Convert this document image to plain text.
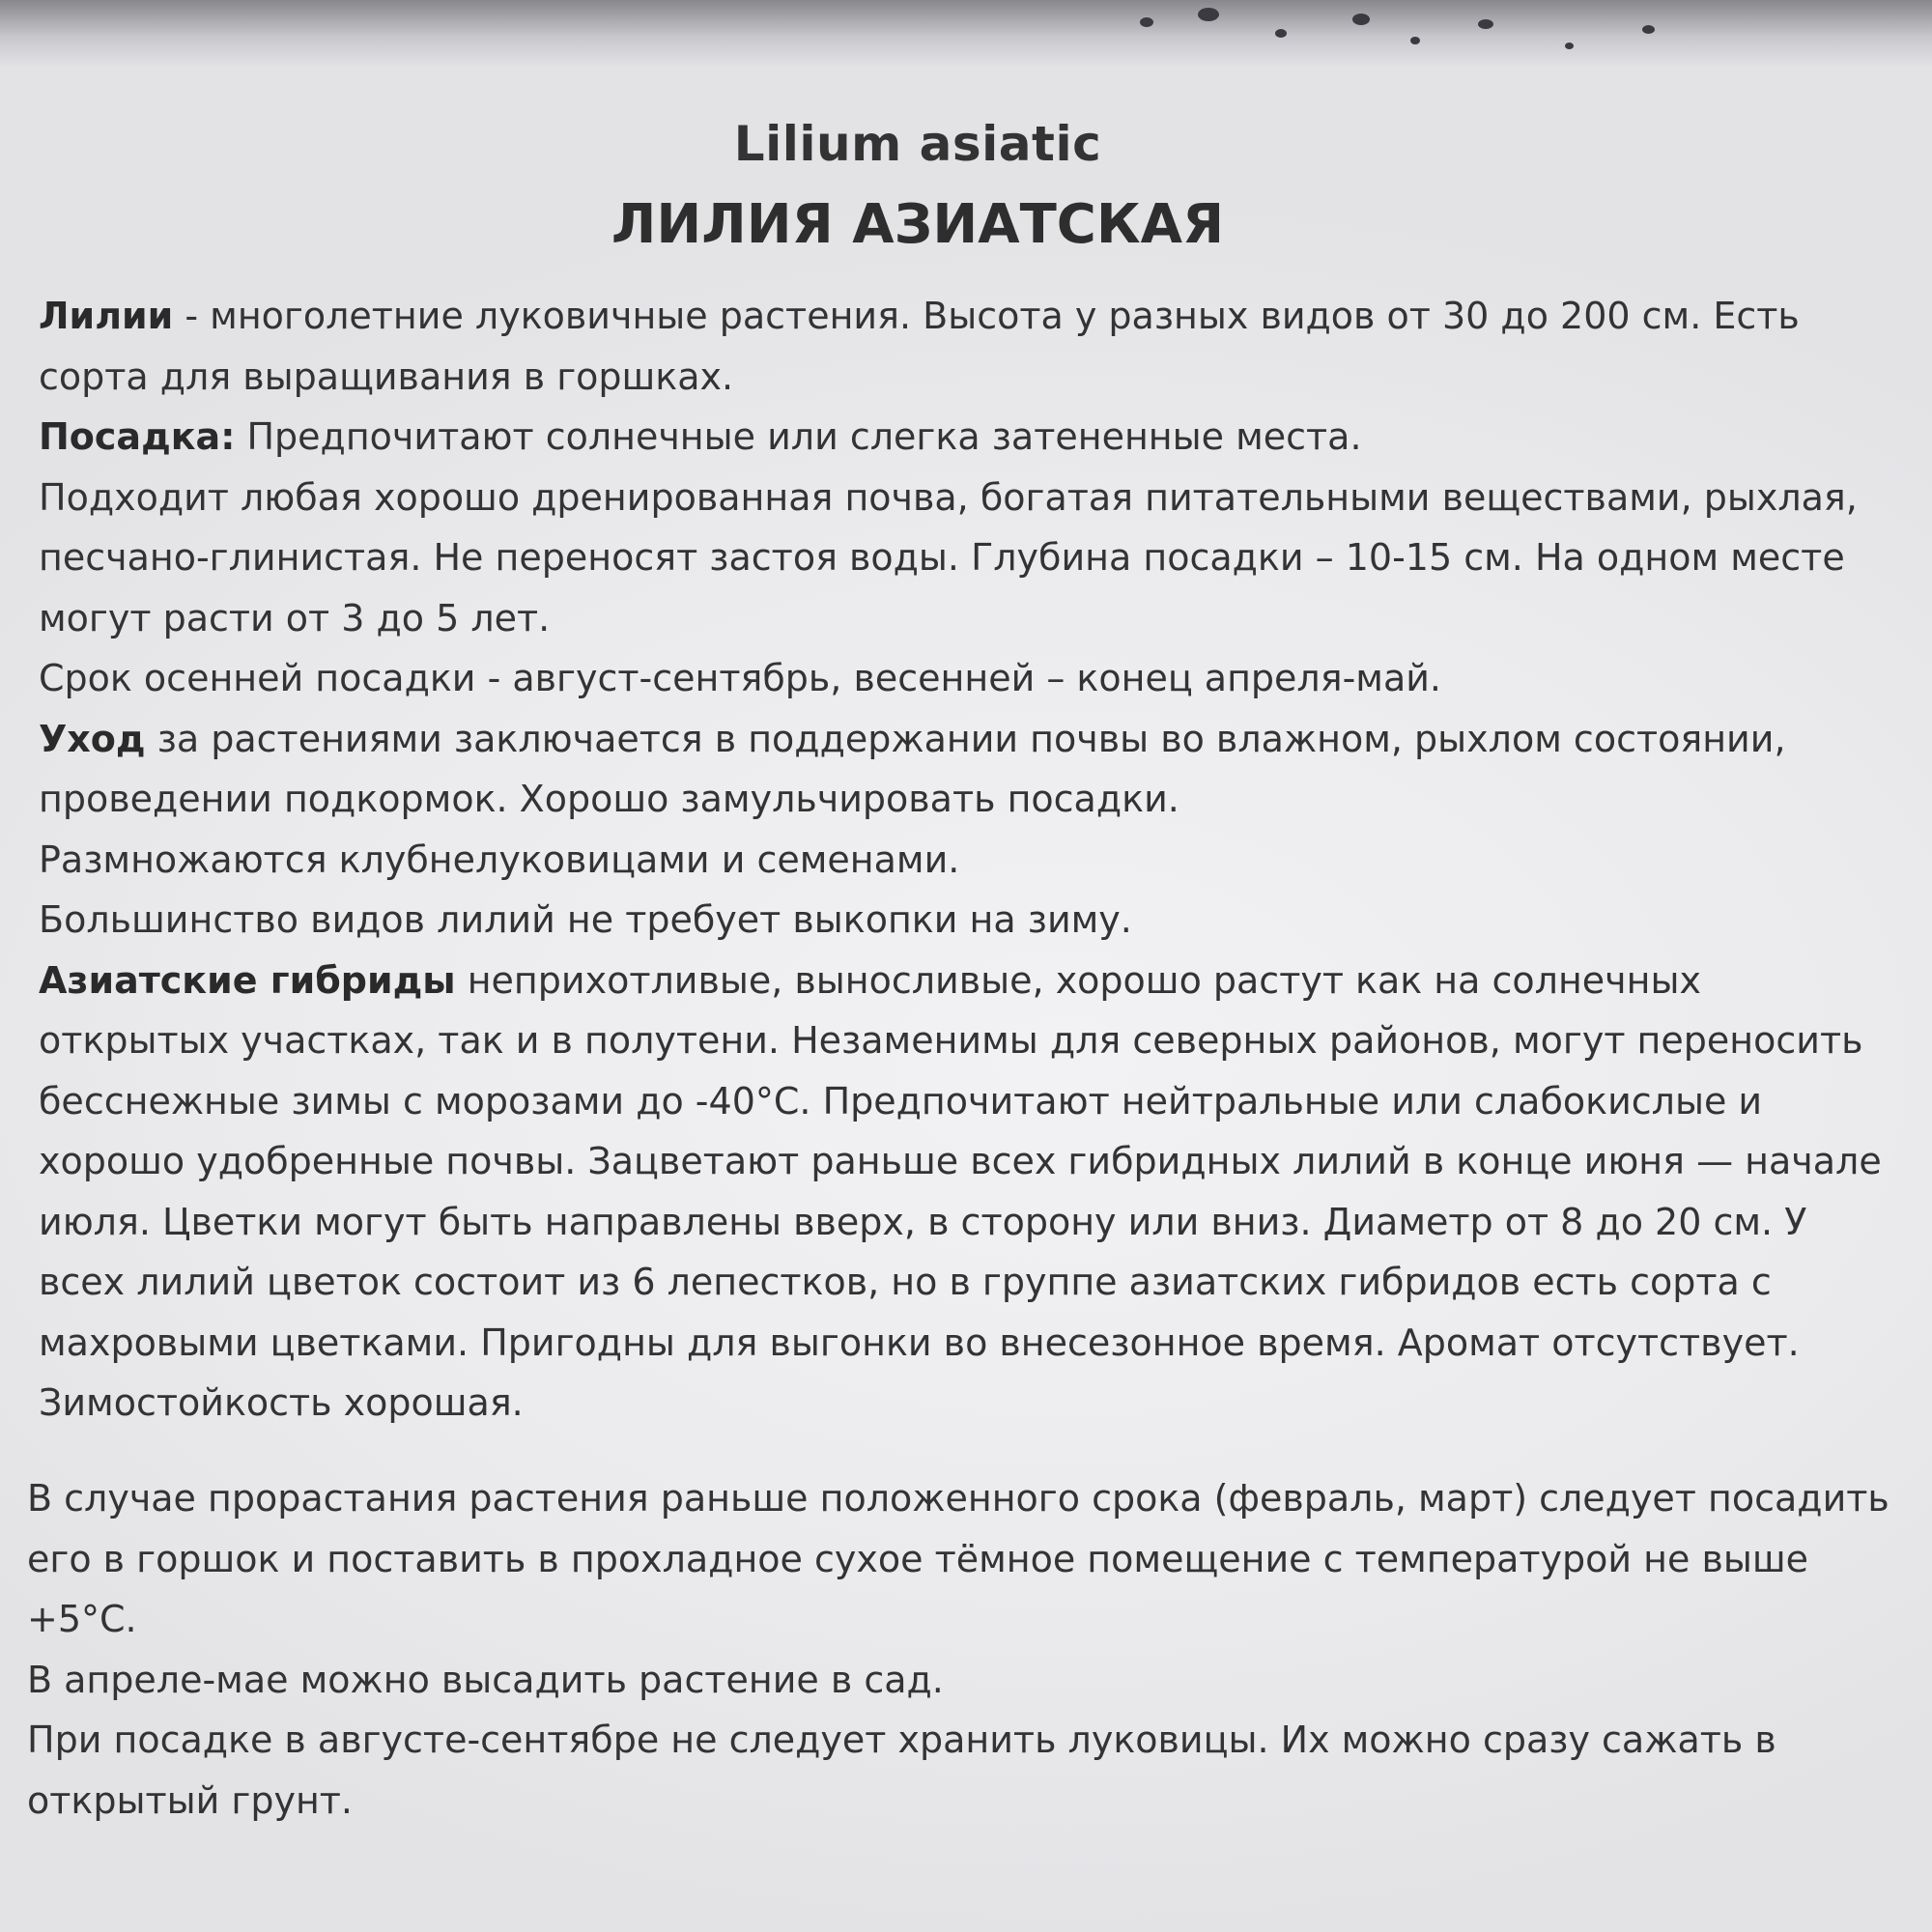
Lilium asiatic
ЛИЛИЯ АЗИАТСКАЯ

Лилии - многолетние луковичные растения. Высота у разных видов от 30 до 200 см. Есть сорта для выращивания в горшках.

Посадка: Предпочитают солнечные или слегка затененные места.

Подходит любая хорошо дренированная почва, богатая питательными веществами, рыхлая, песчано-глинистая. Не переносят застоя воды. Глубина посадки – 10-15 см. На одном месте могут расти от 3 до 5 лет.

Срок осенней посадки - август-сентябрь, весенней – конец апреля-май.

Уход за растениями заключается в поддержании почвы во влажном, рыхлом состоянии, проведении подкормок. Хорошо замульчировать посадки.

Размножаются клубнелуковицами и семенами.

Большинство видов лилий не требует выкопки на зиму.

Азиатские гибриды неприхотливые, выносливые, хорошо растут как на солнечных открытых участках, так и в полутени. Незаменимы для северных районов, могут переносить бесснежные зимы с морозами до -40°С. Предпочитают нейтральные или слабокислые и хорошо удобренные почвы. Зацветают раньше всех гибридных лилий в конце июня — начале июля. Цветки могут быть направлены вверх, в сторону или вниз. Диаметр от 8 до 20 см. У всех лилий цветок состоит из 6 лепестков, но в группе азиатских гибридов есть сорта с махровыми цветками. Пригодны для выгонки во внесезонное время. Аромат отсутствует.

Зимостойкость хорошая.

В случае прорастания растения раньше положенного срока (февраль, март) следует посадить его в горшок и поставить в прохладное сухое тёмное помещение с температурой не выше +5°С.

В апреле-мае можно высадить растение в сад.

При посадке в августе-сентябре не следует хранить луковицы. Их можно сразу сажать в открытый грунт.
